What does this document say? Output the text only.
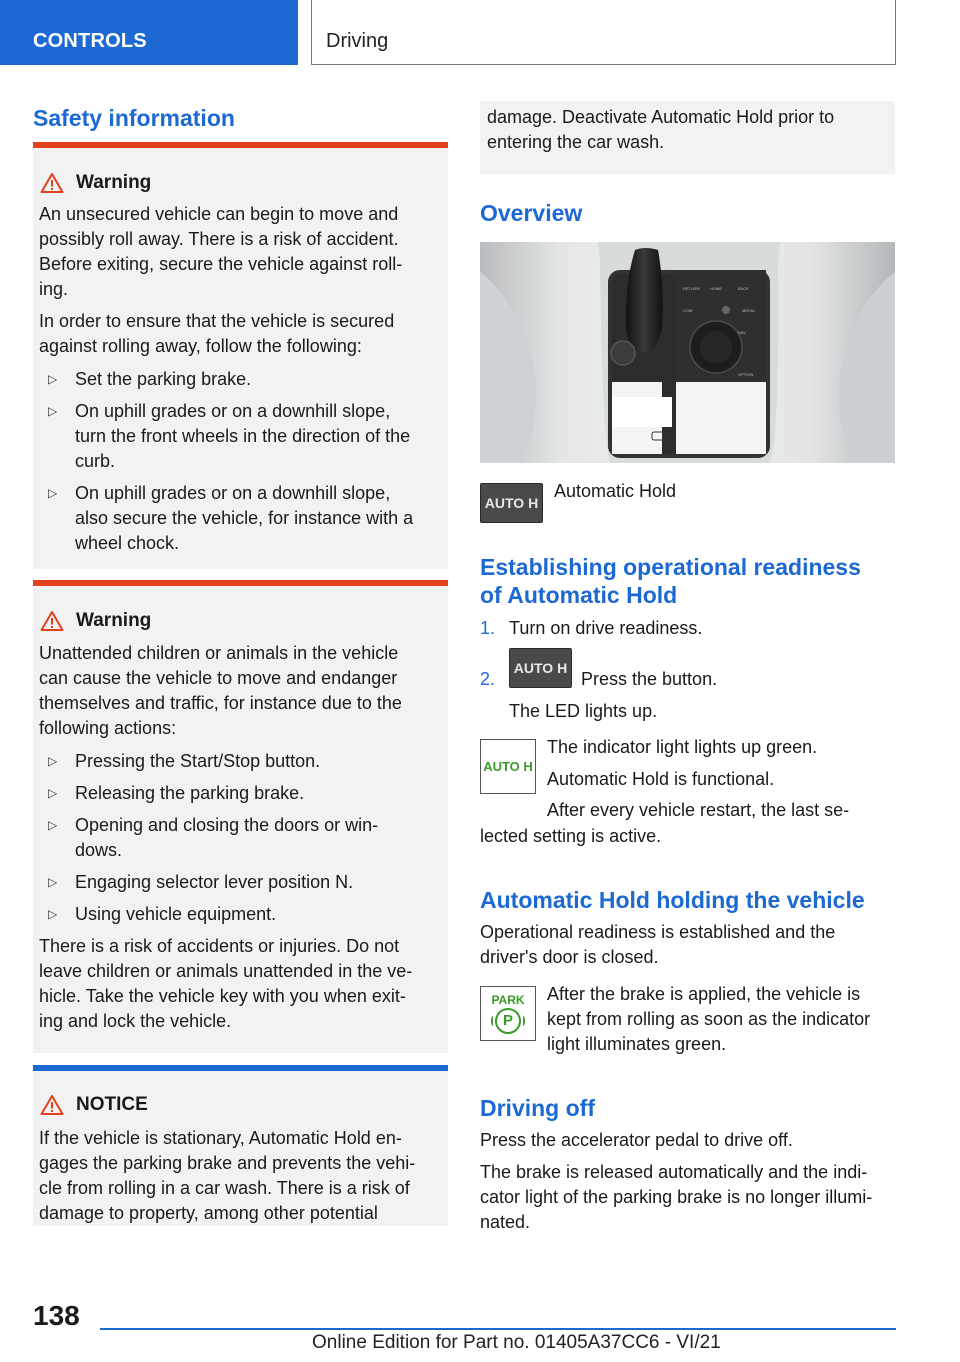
CONTROLS	Driving
Safety information
Warning
An unsecured vehicle can begin to move and
possibly roll away. There is a risk of accident.
Before exiting, secure the vehicle against roll‐
ing.
In order to ensure that the vehicle is secured
against rolling away, follow the following:
▷ Set the parking brake.
▷ On uphill grades or on a downhill slope,
turn the front wheels in the direction of the
curb.
▷ On uphill grades or on a downhill slope,
also secure the vehicle, for instance with a
wheel chock.
Warning
Unattended children or animals in the vehicle
can cause the vehicle to move and endanger
themselves and traffic, for instance due to the
following actions:
▷ Pressing the Start/Stop button.
▷ Releasing the parking brake.
▷ Opening and closing the doors or win‐
dows.
▷ Engaging selector lever position N.
▷ Using vehicle equipment.
There is a risk of accidents or injuries. Do not
leave children or animals unattended in the ve‐
hicle. Take the vehicle key with you when exit‐
ing and lock the vehicle.
NOTICE
If the vehicle is stationary, Automatic Hold en‐
gages the parking brake and prevents the vehi‐
cle from rolling in a car wash. There is a risk of
damage to property, among other potential
damage. Deactivate Automatic Hold prior to
entering the car wash.
Overview
RETURN	HOME	BACK
COM	MEDIA
NAV
OPTION
AUTO H
Automatic Hold
Establishing operational readiness
of Automatic Hold
1. Turn on drive readiness.
2.
AUTO H
Press the button.
The LED lights up.
AUTO H
The indicator light lights up green.
Automatic Hold is functional.
After every vehicle restart, the last se‐
lected setting is active.
Automatic Hold holding the vehicle
Operational readiness is established and the
driver's door is closed.
PARK
P
After the brake is applied, the vehicle is
kept from rolling as soon as the indicator
light illuminates green.
Driving off
Press the accelerator pedal to drive off.
The brake is released automatically and the indi‐
cator light of the parking brake is no longer illumi‐
nated.
138
Online Edition for Part no. 01405A37CC6 - VI/21
